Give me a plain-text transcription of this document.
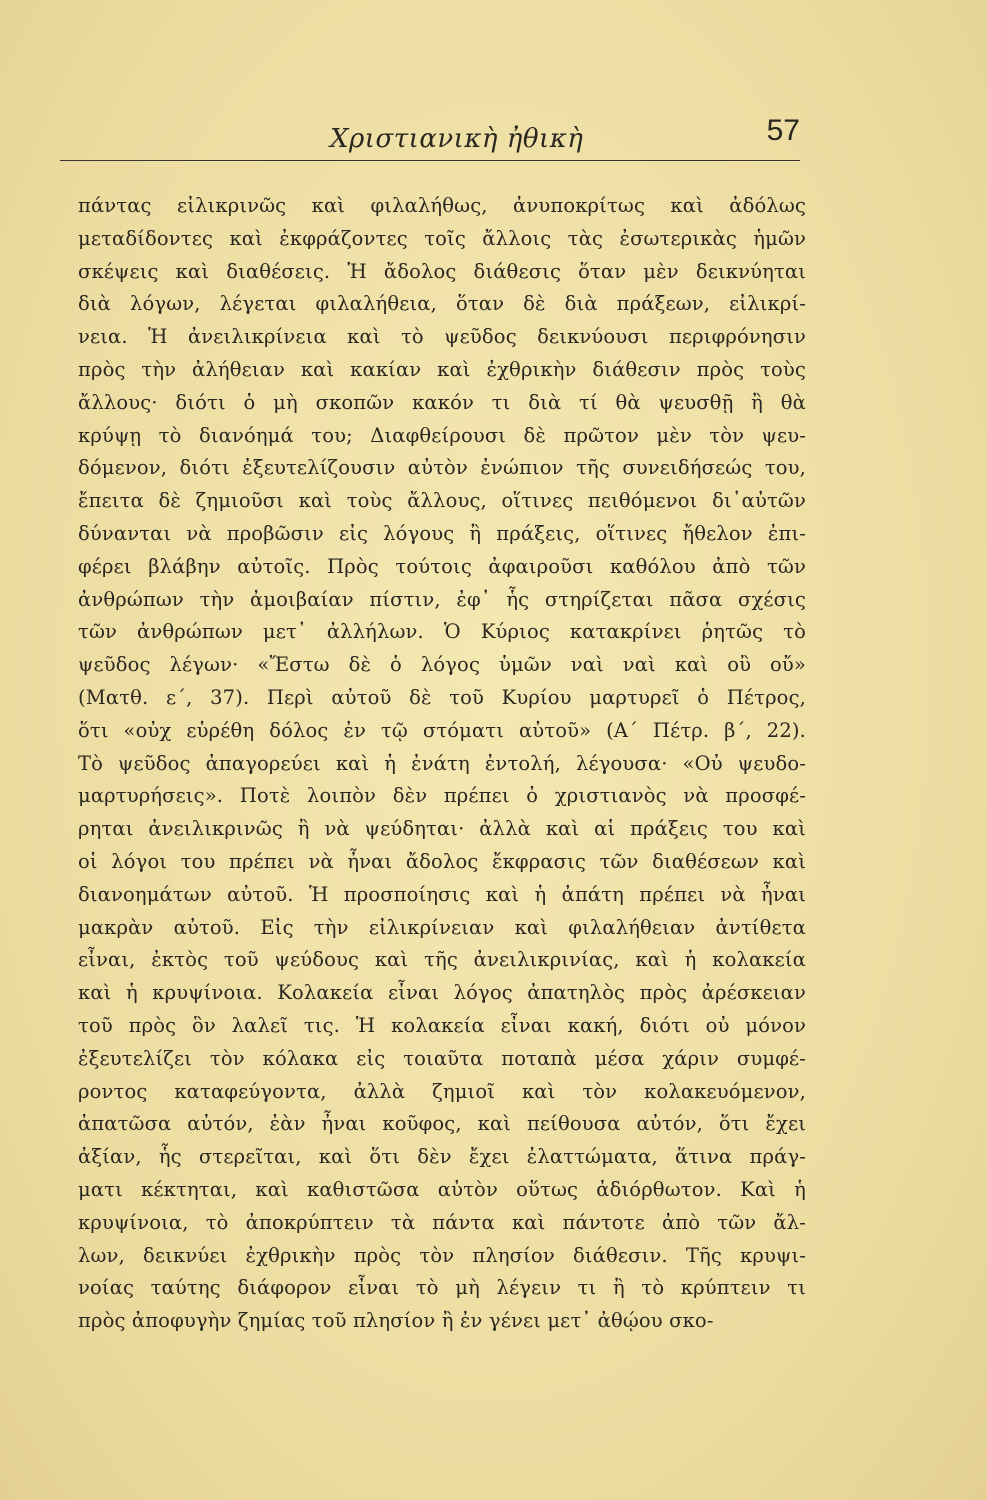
Χριστιανικὴ ἠθικὴ	57
πάντας εἰλικρινῶς καὶ φιλαλήθως, ἀνυποκρίτως καὶ ἀδόλως
μεταδίδοντες καὶ ἐκφράζοντες τοῖς ἄλλοις τὰς ἐσωτερικὰς ἡμῶν
σκέψεις καὶ διαθέσεις. Ἡ ἄδολος διάθεσις ὅταν μὲν δεικνύηται
διὰ λόγων, λέγεται φιλαλήθεια, ὅταν δὲ διὰ πράξεων, εἰλικρί-
νεια. Ἡ ἀνειλικρίνεια καὶ τὸ ψεῦδος δεικνύουσι περιφρόνησιν
πρὸς τὴν ἀλήθειαν καὶ κακίαν καὶ ἐχθρικὴν διάθεσιν πρὸς τοὺς
ἄλλους· διότι ὁ μὴ σκοπῶν κακόν τι διὰ τί θὰ ψευσθῇ ἢ θὰ
κρύψῃ τὸ διανόημά του; Διαφθείρουσι δὲ πρῶτον μὲν τὸν ψευ-
δόμενον, διότι ἐξευτελίζουσιν αὐτὸν ἐνώπιον τῆς συνειδήσεώς του,
ἔπειτα δὲ ζημιοῦσι καὶ τοὺς ἄλλους, οἵτινες πειθόμενοι δι᾽αὐτῶν
δύνανται νὰ προβῶσιν εἰς λόγους ἢ πράξεις, οἵτινες ἤθελον ἐπι-
φέρει βλάβην αὐτοῖς. Πρὸς τούτοις ἀφαιροῦσι καθόλου ἀπὸ τῶν
ἀνθρώπων τὴν ἀμοιβαίαν πίστιν, ἐφ᾽ ἧς στηρίζεται πᾶσα σχέσις
τῶν ἀνθρώπων μετ᾽ ἀλλήλων. Ὁ Κύριος κατακρίνει ῥητῶς τὸ
ψεῦδος λέγων· «Ἔστω δὲ ὁ λόγος ὑμῶν ναὶ ναὶ καὶ οὒ οὔ»
(Ματθ. ε΄, 37). Περὶ αὐτοῦ δὲ τοῦ Κυρίου μαρτυρεῖ ὁ Πέτρος,
ὅτι «οὐχ εὑρέθη δόλος ἐν τῷ στόματι αὐτοῦ» (Α΄ Πέτρ. β΄, 22).
Τὸ ψεῦδος ἀπαγορεύει καὶ ἡ ἐνάτη ἐντολή, λέγουσα· «Οὐ ψευδο-
μαρτυρήσεις». Ποτὲ λοιπὸν δὲν πρέπει ὁ χριστιανὸς νὰ προσφέ-
ρηται ἀνειλικρινῶς ἢ νὰ ψεύδηται· ἀλλὰ καὶ αἱ πράξεις του καὶ
οἱ λόγοι του πρέπει νὰ ἦναι ἄδολος ἔκφρασις τῶν διαθέσεων καὶ
διανοημάτων αὐτοῦ. Ἡ προσποίησις καὶ ἡ ἀπάτη πρέπει νὰ ἦναι
μακρὰν αὐτοῦ. Εἰς τὴν εἰλικρίνειαν καὶ φιλαλήθειαν ἀντίθετα
εἶναι, ἐκτὸς τοῦ ψεύδους καὶ τῆς ἀνειλικρινίας, καὶ ἡ κολακεία
καὶ ἡ κρυψίνοια. Κολακεία εἶναι λόγος ἀπατηλὸς πρὸς ἀρέσκειαν
τοῦ πρὸς ὃν λαλεῖ τις. Ἡ κολακεία εἶναι κακή, διότι οὐ μόνον
ἐξευτελίζει τὸν κόλακα εἰς τοιαῦτα ποταπὰ μέσα χάριν συμφέ-
ροντος καταφεύγοντα, ἀλλὰ ζημιοῖ καὶ τὸν κολακευόμενον,
ἀπατῶσα αὐτόν, ἐὰν ἦναι κοῦφος, καὶ πείθουσα αὐτόν, ὅτι ἔχει
ἀξίαν, ἧς στερεῖται, καὶ ὅτι δὲν ἔχει ἐλαττώματα, ἅτινα πράγ-
ματι κέκτηται, καὶ καθιστῶσα αὐτὸν οὕτως ἀδιόρθωτον. Καὶ ἡ
κρυψίνοια, τὸ ἀποκρύπτειν τὰ πάντα καὶ πάντοτε ἀπὸ τῶν ἄλ-
λων, δεικνύει ἐχθρικὴν πρὸς τὸν πλησίον διάθεσιν. Τῆς κρυψι-
νοίας ταύτης διάφορον εἶναι τὸ μὴ λέγειν τι ἢ τὸ κρύπτειν τι
πρὸς ἀποφυγὴν ζημίας τοῦ πλησίον ἢ ἐν γένει μετ᾽ ἀθῴου σκο-
